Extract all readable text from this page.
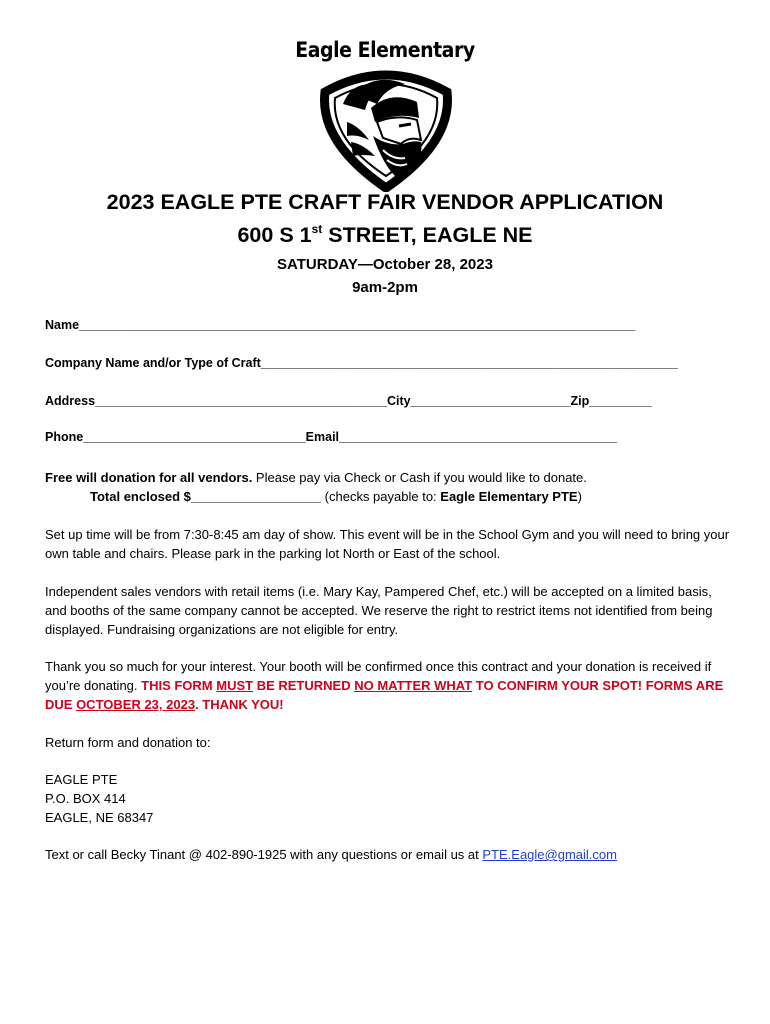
Eagle Elementary
2023 EAGLE PTE CRAFT FAIR VENDOR APPLICATION
600 S 1st STREET, EAGLE NE
SATURDAY—October 28, 2023
9am-2pm
Name________________________________________________________________________________
Company Name and/or Type of Craft____________________________________________________________
Address__________________________________________City_______________________Zip_________
Phone________________________________Email________________________________________
Free will donation for all vendors. Please pay via Check or Cash if you would like to donate.
Total enclosed $__________________ (checks payable to: Eagle Elementary PTE)
Set up time will be from 7:30-8:45 am day of show. This event will be in the School Gym and you will need to bring your own table and chairs. Please park in the parking lot North or East of the school.
Independent sales vendors with retail items (i.e. Mary Kay, Pampered Chef, etc.) will be accepted on a limited basis, and booths of the same company cannot be accepted. We reserve the right to restrict items not identified from being displayed. Fundraising organizations are not eligible for entry.
Thank you so much for your interest. Your booth will be confirmed once this contract and your donation is received if you’re donating. THIS FORM MUST BE RETURNED NO MATTER WHAT TO CONFIRM YOUR SPOT! FORMS ARE DUE OCTOBER 23, 2023. THANK YOU!
Return form and donation to:
EAGLE PTE
P.O. BOX 414
EAGLE, NE 68347
Text or call Becky Tinant @ 402-890-1925 with any questions or email us at PTE.Eagle@gmail.com
